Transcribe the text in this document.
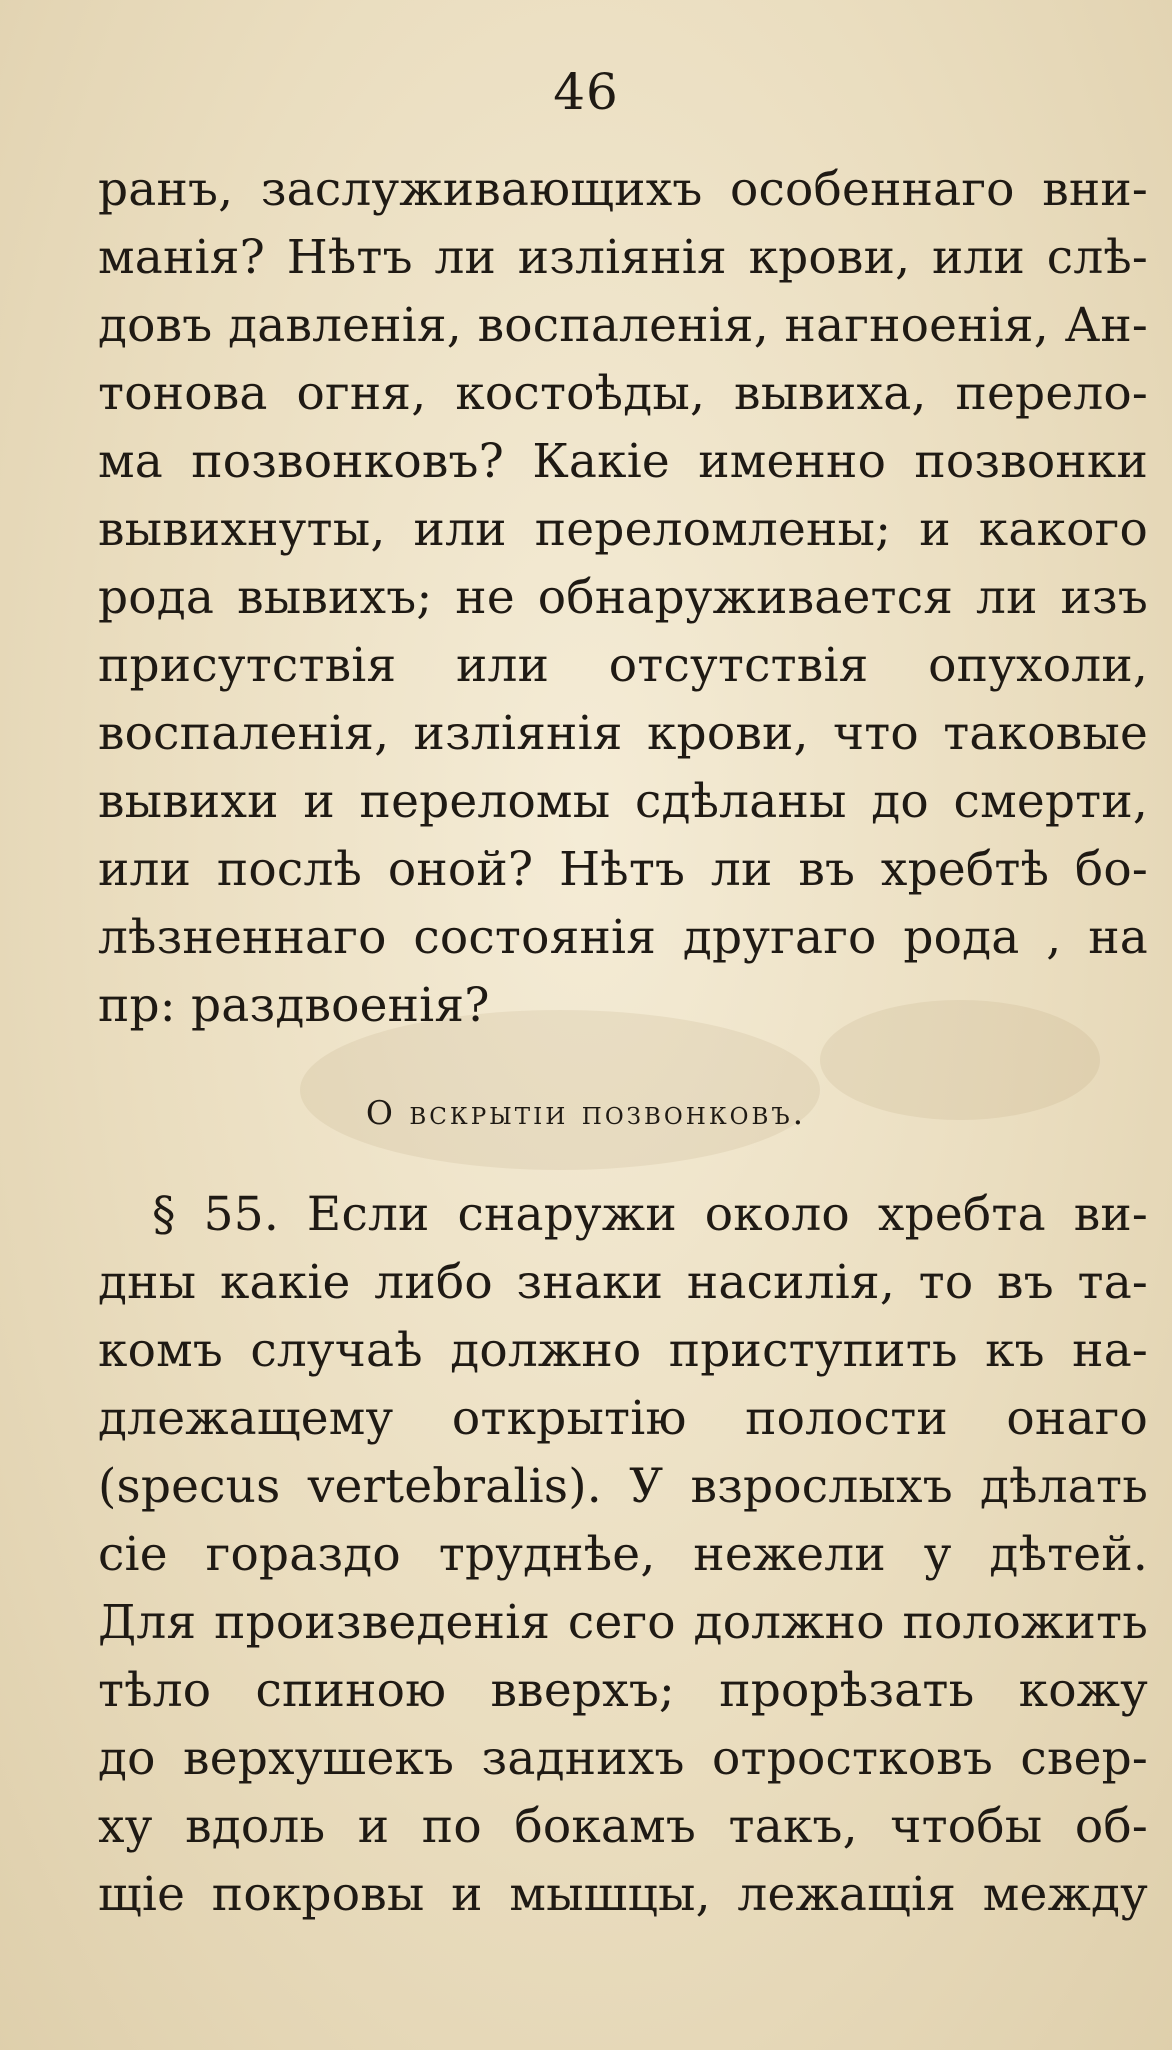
46
ранъ, заслуживающихъ особеннаго вни-
манія? Нѣтъ ли изліянія крови, или слѣ-
довъ давленія, воспаленія, нагноенія, Ан-
тонова огня, костоѣды, вывиха, перело-
ма позвонковъ? Какіе именно позвонки
вывихнуты, или переломлены; и какого
рода вывихъ; не обнаруживается ли изъ
присутствія или отсутствія опухоли,
воспаленія, изліянія крови, что таковые
вывихи и переломы сдѣланы до смерти,
или послѣ оной? Нѣтъ ли въ хребтѣ бо-
лѣзненнаго состоянія другаго рода , на
пр: раздвоенія?
О вскрытіи позвонковъ.
§ 55. Если снаружи около хребта ви-
дны какіе либо знаки насилія, то въ та-
комъ случаѣ должно приступить къ на-
длежащему открытію полости онаго
(specus vertebralis). У взрослыхъ дѣлать
сіе гораздо труднѣе, нежели у дѣтей.
Для произведенія сего должно положить
тѣло спиною вверхъ; прорѣзать кожу
до верхушекъ заднихъ отростковъ свер-
ху вдоль и по бокамъ такъ, чтобы об-
щіе покровы и мышцы, лежащія между
